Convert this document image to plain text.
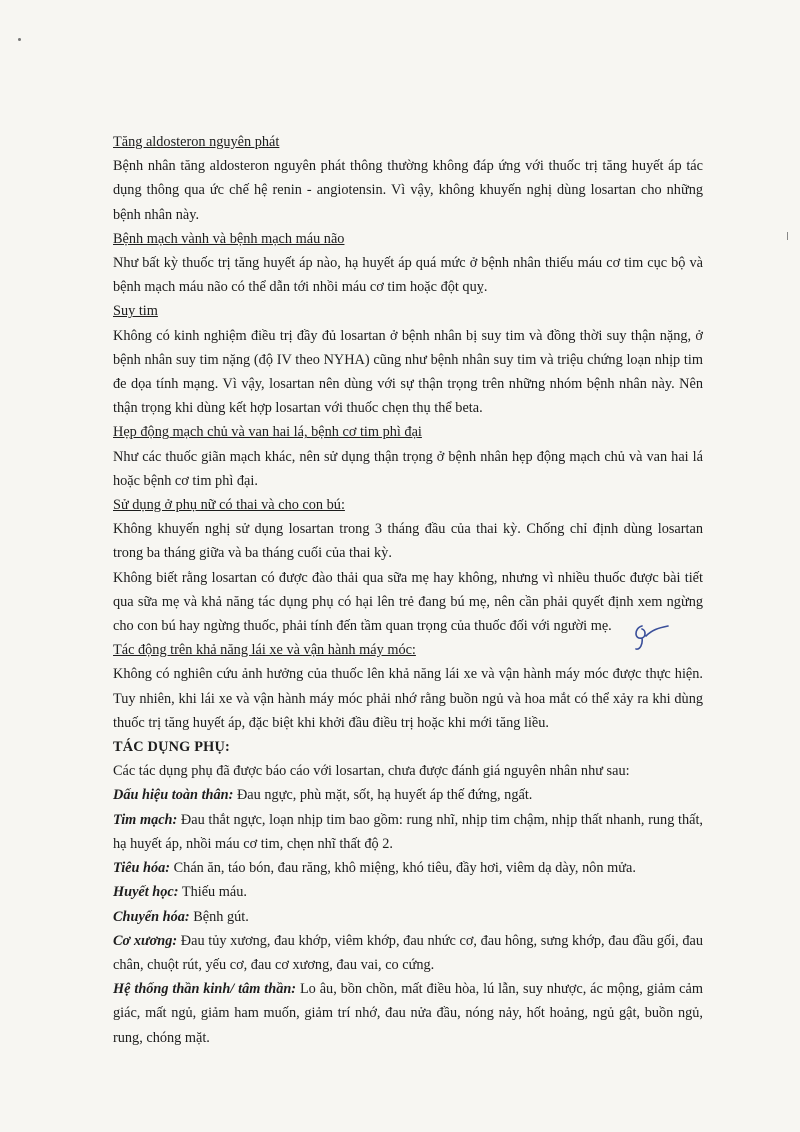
Tăng aldosteron nguyên phát

Bệnh nhân tăng aldosteron nguyên phát thông thường không đáp ứng với thuốc trị tăng huyết áp tác dụng thông qua ức chế hệ renin - angiotensin. Vì vậy, không khuyến nghị dùng losartan cho những bệnh nhân này.

Bệnh mạch vành và bệnh mạch máu não

Như bất kỳ thuốc trị tăng huyết áp nào, hạ huyết áp quá mức ở bệnh nhân thiếu máu cơ tim cục bộ và bệnh mạch máu não có thể dẫn tới nhồi máu cơ tim hoặc đột quỵ.

Suy tim

Không có kinh nghiệm điều trị đầy đủ losartan ở bệnh nhân bị suy tim và đồng thời suy thận nặng, ở bệnh nhân suy tim nặng (độ IV theo NYHA) cũng như bệnh nhân suy tim và triệu chứng loạn nhịp tim đe dọa tính mạng. Vì vậy, losartan nên dùng với sự thận trọng trên những nhóm bệnh nhân này. Nên thận trọng khi dùng kết hợp losartan với thuốc chẹn thụ thể beta.

Hẹp động mạch chủ và van hai lá, bệnh cơ tim phì đại

Như các thuốc giãn mạch khác, nên sử dụng thận trọng ở bệnh nhân hẹp động mạch chủ và van hai lá hoặc bệnh cơ tim phì đại.

Sử dụng ở phụ nữ có thai và cho con bú:

Không khuyến nghị sử dụng losartan trong 3 tháng đầu của thai kỳ. Chống chỉ định dùng losartan trong ba tháng giữa và ba tháng cuối của thai kỳ.

Không biết rằng losartan có được đào thải qua sữa mẹ hay không, nhưng vì nhiều thuốc được bài tiết qua sữa mẹ và khả năng tác dụng phụ có hại lên trẻ đang bú mẹ, nên cần phải quyết định xem ngừng cho con bú hay ngừng thuốc, phải tính đến tầm quan trọng của thuốc đối với người mẹ.

Tác động trên khả năng lái xe và vận hành máy móc:

Không có nghiên cứu ảnh hưởng của thuốc lên khả năng lái xe và vận hành máy móc được thực hiện. Tuy nhiên, khi lái xe và vận hành máy móc phải nhớ rằng buồn ngủ và hoa mắt có thể xảy ra khi dùng thuốc trị tăng huyết áp, đặc biệt khi khởi đầu điều trị hoặc khi mới tăng liều.

TÁC DỤNG PHỤ:

Các tác dụng phụ đã được báo cáo với losartan, chưa được đánh giá nguyên nhân như sau:

Dấu hiệu toàn thân: Đau ngực, phù mặt, sốt, hạ huyết áp thế đứng, ngất.

Tim mạch: Đau thắt ngực, loạn nhịp tim bao gồm: rung nhĩ, nhịp tim chậm, nhịp thất nhanh, rung thất, hạ huyết áp, nhồi máu cơ tim, chẹn nhĩ thất độ 2.

Tiêu hóa: Chán ăn, táo bón, đau răng, khô miệng, khó tiêu, đầy hơi, viêm dạ dày, nôn mửa.

Huyết học: Thiếu máu.

Chuyển hóa: Bệnh gút.

Cơ xương: Đau tủy xương, đau khớp, viêm khớp, đau nhức cơ, đau hông, sưng khớp, đau đầu gối, đau chân, chuột rút, yếu cơ, đau cơ xương, đau vai, co cứng.

Hệ thống thần kinh/ tâm thần: Lo âu, bồn chồn, mất điều hòa, lú lẫn, suy nhược, ác mộng, giảm cảm giác, mất ngủ, giảm ham muốn, giảm trí nhớ, đau nửa đầu, nóng nảy, hốt hoảng, ngủ gật, buồn ngủ, rung, chóng mặt.
